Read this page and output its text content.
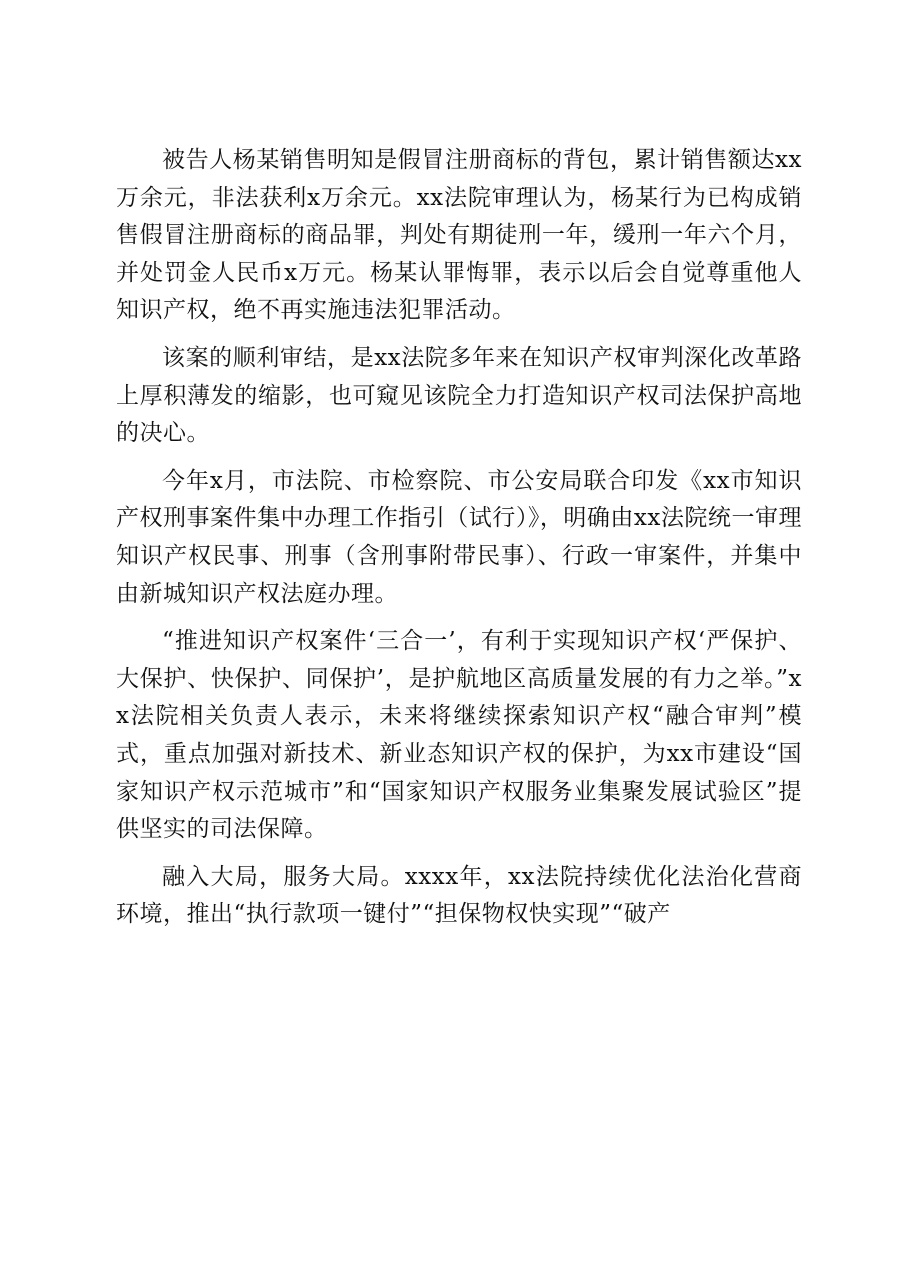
被告人杨某销售明知是假冒注册商标的背包，累计销售额达xx万余元，非法获利x万余元。xx法院审理认为，杨某行为已构成销售假冒注册商标的商品罪，判处有期徒刑一年，缓刑一年六个月，并处罚金人民币x万元。杨某认罪悔罪，表示以后会自觉尊重他人知识产权，绝不再实施违法犯罪活动。

该案的顺利审结，是xx法院多年来在知识产权审判深化改革路上厚积薄发的缩影，也可窥见该院全力打造知识产权司法保护高地的决心。

今年x月，市法院、市检察院、市公安局联合印发《xx市知识产权刑事案件集中办理工作指引（试行）》，明确由xx法院统一审理知识产权民事、刑事（含刑事附带民事）、行政一审案件，并集中由新城知识产权法庭办理。

“推进知识产权案件‘三合一’，有利于实现知识产权‘严保护、大保护、快保护、同保护’，是护航地区高质量发展的有力之举。”xx法院相关负责人表示，未来将继续探索知识产权“融合审判”模式，重点加强对新技术、新业态知识产权的保护，为xx市建设“国家知识产权示范城市”和“国家知识产权服务业集聚发展试验区”提供坚实的司法保障。

融入大局，服务大局。xxxx年，xx法院持续优化法治化营商环境，推出“执行款项一键付”“担保物权快实现”“破产
